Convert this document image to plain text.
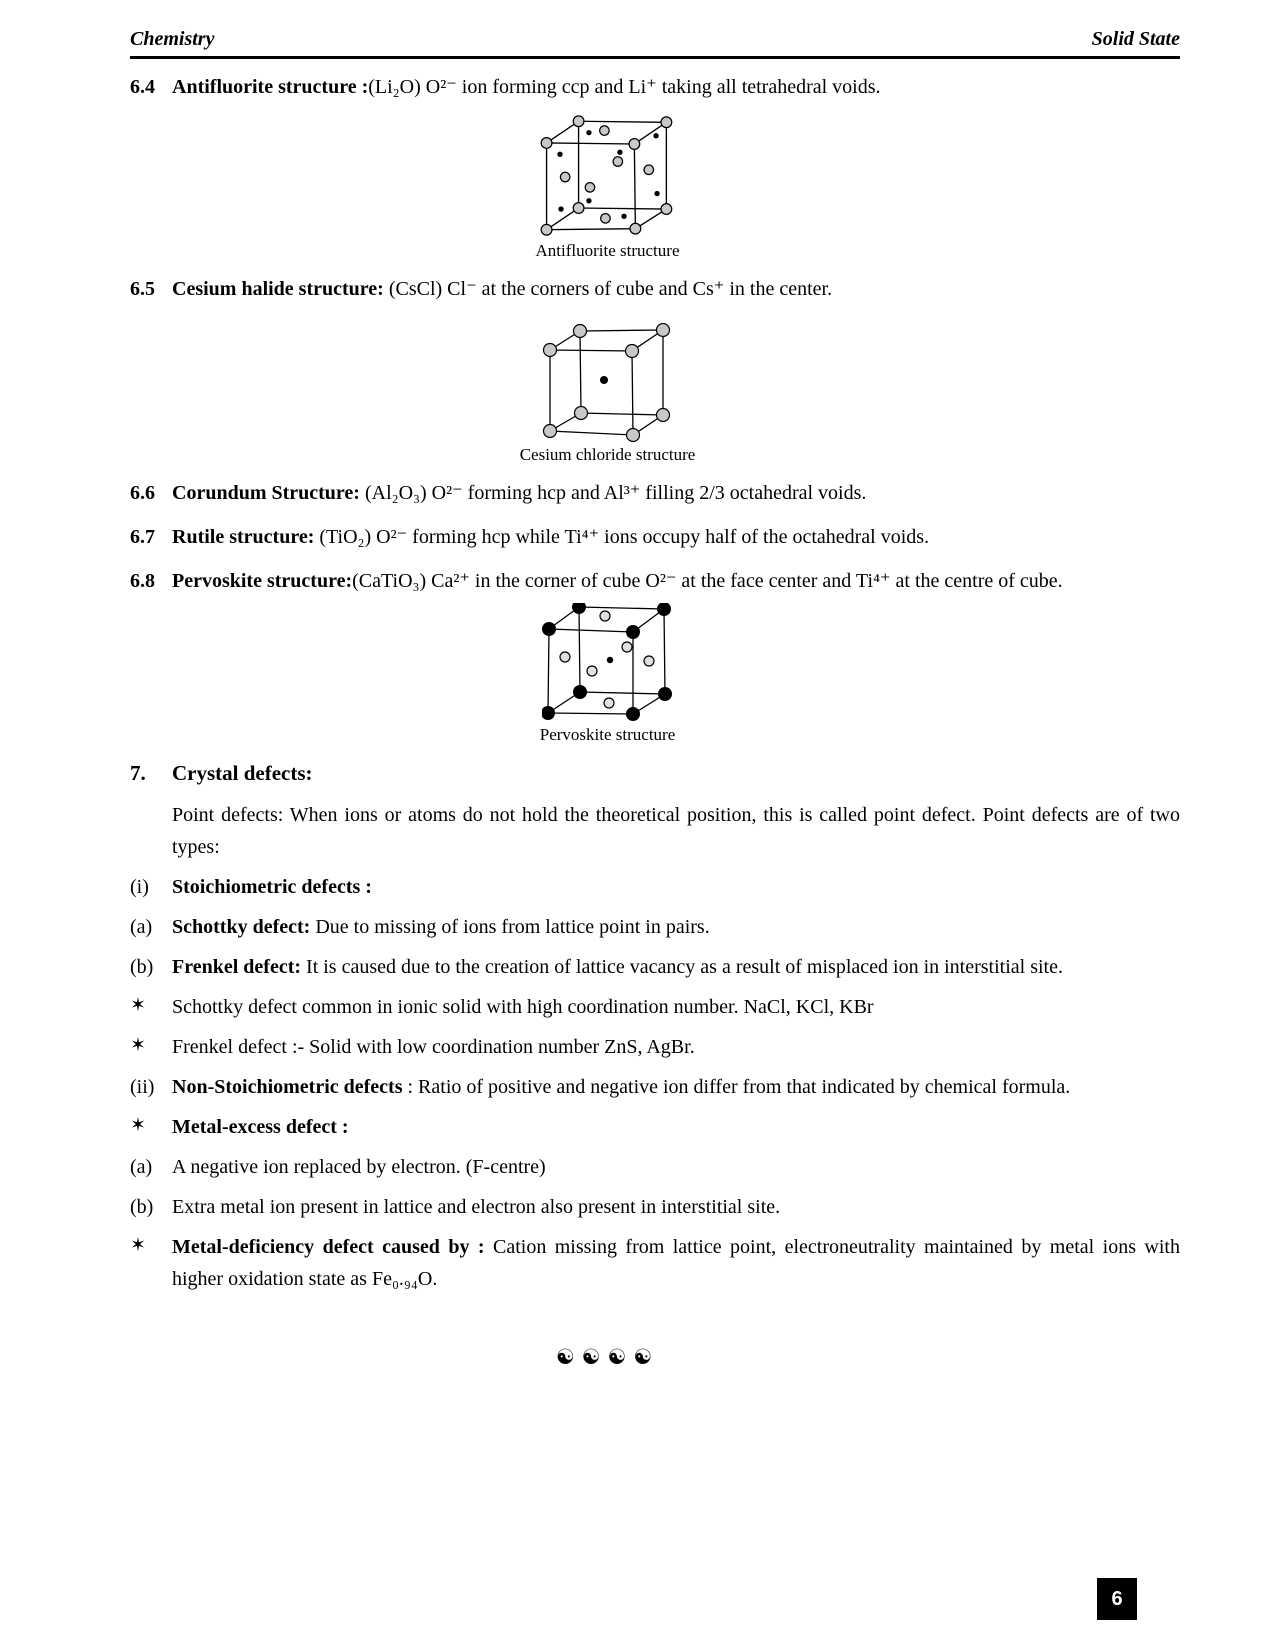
Chemistry	Solid State
6.4 Antifluorite structure :(Li₂O) O²⁻ ion forming ccp and Li⁺ taking all tetrahedral voids.
Antifluorite structure
6.5 Cesium halide structure: (CsCl) Cl⁻ at the corners of cube and Cs⁺ in the center.
Cesium chloride structure
6.6 Corundum Structure: (Al₂O₃) O²⁻ forming hcp and Al³⁺ filling 2/3 octahedral voids.
6.7 Rutile structure: (TiO₂) O²⁻ forming hcp while Ti⁴⁺ ions occupy half of the octahedral voids.
6.8 Pervoskite structure:(CaTiO₃) Ca²⁺ in the corner of cube O²⁻ at the face center and Ti⁴⁺ at the centre of cube.
Pervoskite structure
7.	Crystal defects:
Point defects: When ions or atoms do not hold the theoretical position, this is called point defect. Point defects are of two types:
(i)	Stoichiometric defects :
(a) Schottky defect: Due to missing of ions from lattice point in pairs.
(b) Frenkel defect: It is caused due to the creation of lattice vacancy as a result of misplaced ion in interstitial site.
✶	Schottky defect common in ionic solid with high coordination number. NaCl, KCl, KBr
✶	Frenkel defect :- Solid with low coordination number ZnS, AgBr.
(ii) Non-Stoichiometric defects : Ratio of positive and negative ion differ from that indicated by chemical formula.
✶	Metal-excess defect :
(a) A negative ion replaced by electron. (F-centre)
(b) Extra metal ion present in lattice and electron also present in interstitial site.
✶	Metal-deficiency defect caused by : Cation missing from lattice point, electroneutrality maintained by metal ions with higher oxidation state as Fe₀.₉₄O.
☯☯☯☯
6
